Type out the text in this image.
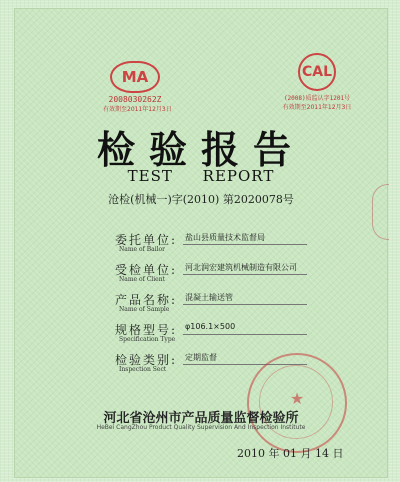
MA
2008030262Z
有效期至2011年12月3日
CAL
(2008)质监认字1201号
有效期至2011年12月3日
检验报告
TEST REPORT
沧检(机械一)字(2010) 第2020078号
委托单位:
Name of Bailor
盐山县质量技术监督局
受检单位:
Name of Client
河北润宏建筑机械制造有限公司
产品名称:
Name of Sample
混凝土输送管
规格型号:
Specification Type
φ106.1×500
检验类别:
Inspection Sect
定期监督
★
河北省沧州市产品质量监督检验所
HeBei CangZhou Product Quality Supervision And Inspection Institute
2010 年 01 月 14 日
